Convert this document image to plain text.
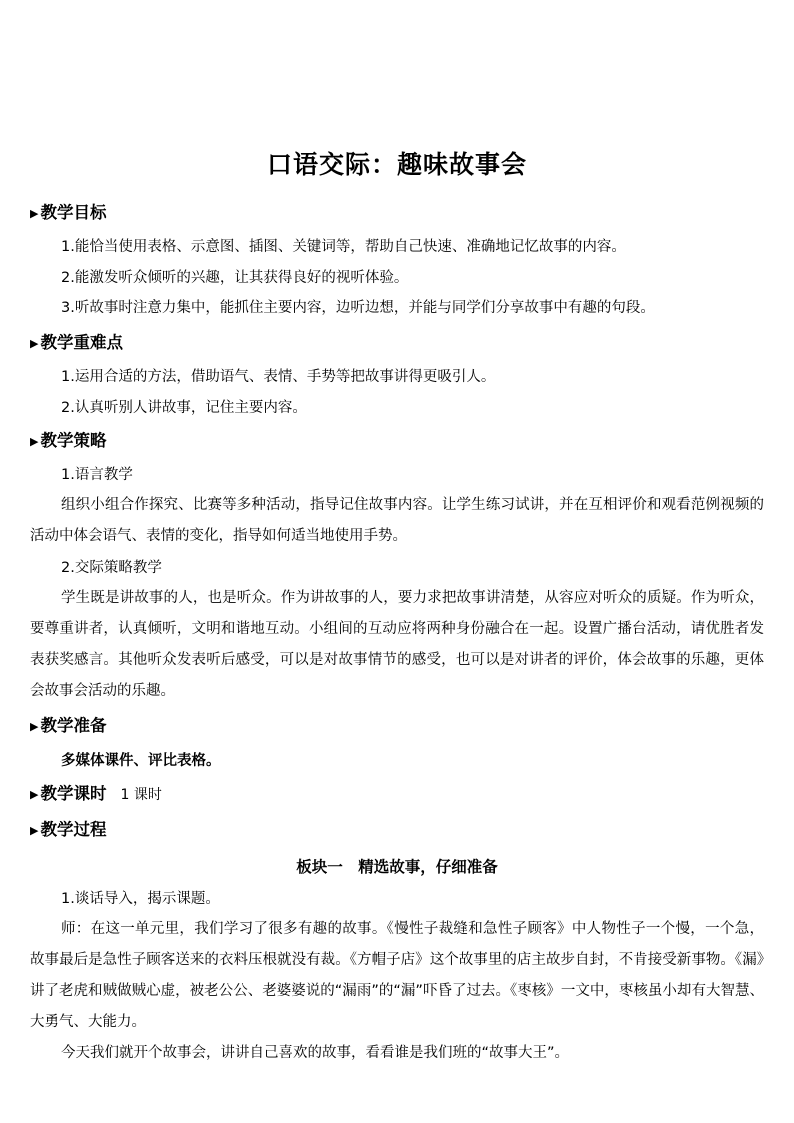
口语交际：趣味故事会
▶ 教学目标
1.能恰当使用表格、示意图、插图、关键词等，帮助自己快速、准确地记忆故事的内容。
2.能激发听众倾听的兴趣，让其获得良好的视听体验。
3.听故事时注意力集中，能抓住主要内容，边听边想，并能与同学们分享故事中有趣的句段。
▶ 教学重难点
1.运用合适的方法，借助语气、表情、手势等把故事讲得更吸引人。
2.认真听别人讲故事，记住主要内容。
▶ 教学策略
1.语言教学
组织小组合作探究、比赛等多种活动，指导记住故事内容。让学生练习试讲，并在互相评价和观看范例视频的活动中体会语气、表情的变化，指导如何适当地使用手势。
2.交际策略教学
学生既是讲故事的人，也是听众。作为讲故事的人，要力求把故事讲清楚，从容应对听众的质疑。作为听众，要尊重讲者，认真倾听，文明和谐地互动。小组间的互动应将两种身份融合在一起。设置广播台活动，请优胜者发表获奖感言。其他听众发表听后感受，可以是对故事情节的感受，也可以是对讲者的评价，体会故事的乐趣，更体会故事会活动的乐趣。
▶ 教学准备
多媒体课件、评比表格。
▶ 教学课时 1 课时
▶ 教学过程
板块一　精选故事，仔细准备
1.谈话导入，揭示课题。
师：在这一单元里，我们学习了很多有趣的故事。《慢性子裁缝和急性子顾客》中人物性子一个慢，一个急，故事最后是急性子顾客送来的衣料压根就没有裁。《方帽子店》这个故事里的店主故步自封，不肯接受新事物。《漏》讲了老虎和贼做贼心虚，被老公公、老婆婆说的“漏雨”的“漏”吓昏了过去。《枣核》一文中，枣核虽小却有大智慧、大勇气、大能力。
今天我们就开个故事会，讲讲自己喜欢的故事，看看谁是我们班的“故事大王”。
